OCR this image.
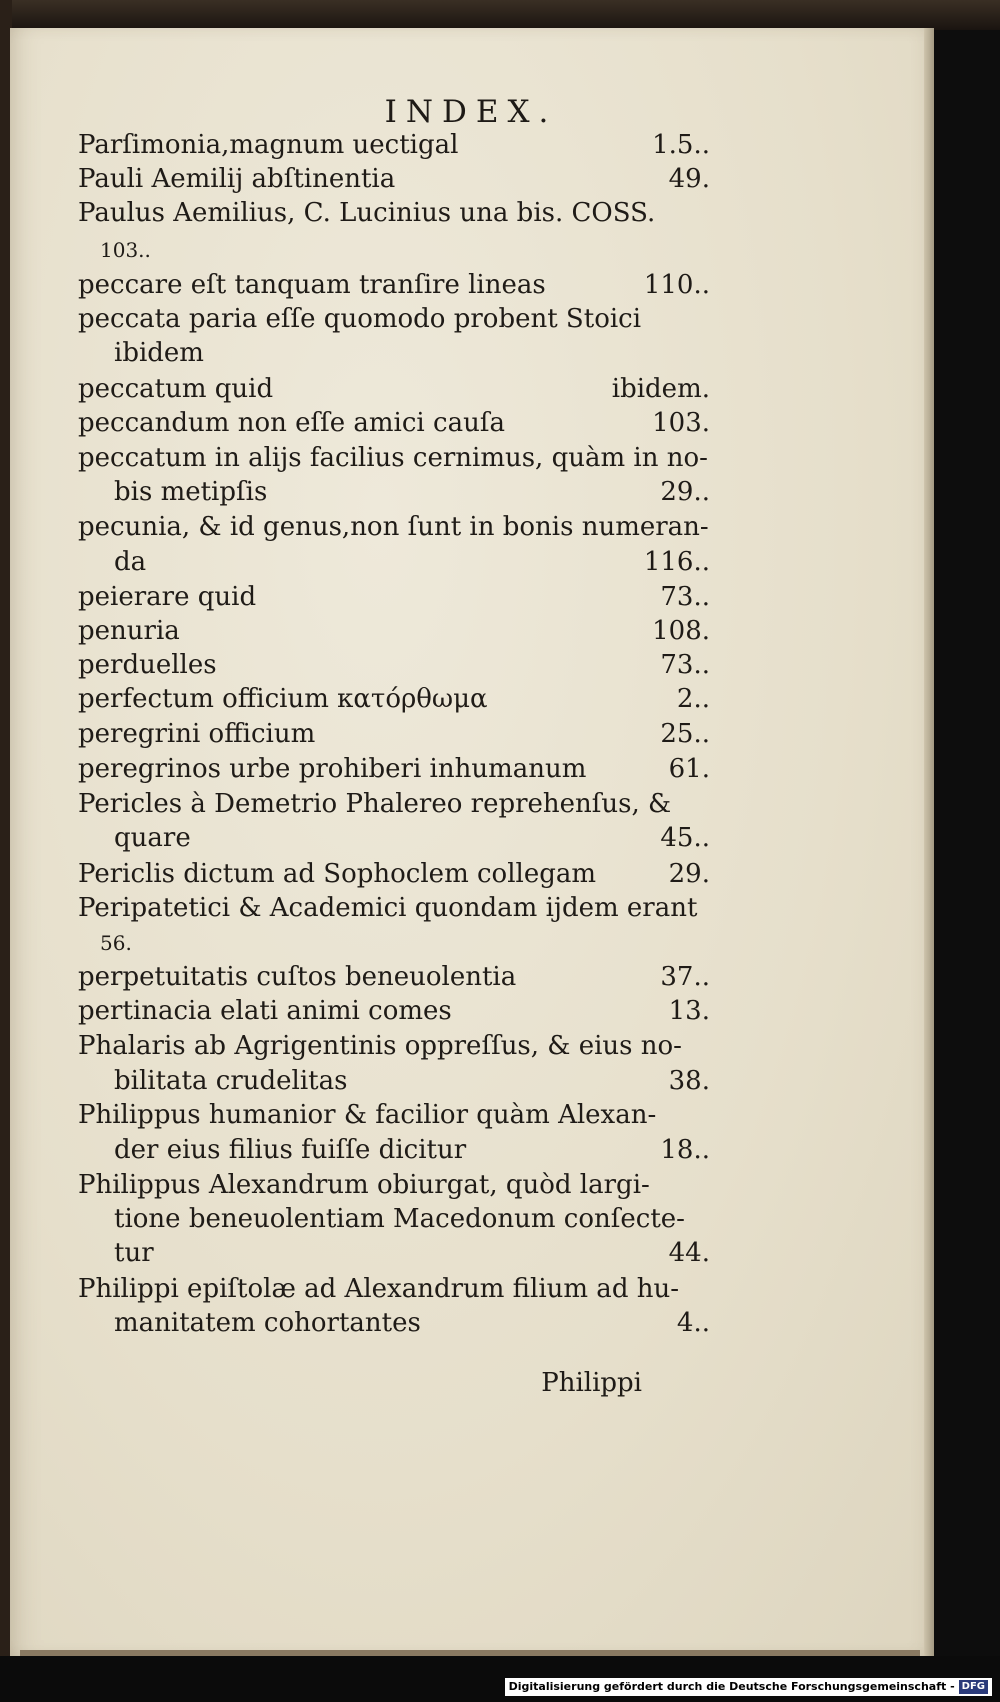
INDEX.
Parſimonia,magnum uectigal	1.5..
Pauli Aemilij abſtinentia	49.
Paulus Aemilius, C. Lucinius una bis. COSS.
103..
peccare eſt tanquam tranſire lineas	110..
peccata paria eſſe quomodo probent Stoici
ibidem
peccatum quid	ibidem.
peccandum non eſſe amici cauſa	103.
peccatum in alijs facilius cernimus, quàm in no‐
bis metipſis	29..
pecunia, & id genus,non ſunt in bonis numeran‐
da	116..
peierare quid	73..
penuria	108.
perduelles	73..
perfectum officium κατόρθωμα	2..
peregrini officium	25..
peregrinos urbe prohiberi inhumanum	61.
Pericles à Demetrio Phalereo reprehenſus, &
quare	45..
Periclis dictum ad Sophoclem collegam	29.
Peripatetici & Academici quondam ijdem erant
56.
perpetuitatis cuſtos beneuolentia	37..
pertinacia elati animi comes	13.
Phalaris ab Agrigentinis oppreſſus, & eius no‐
bilitata crudelitas	38.
Philippus humanior & facilior quàm Alexan‐
der eius filius fuiſſe dicitur	18..
Philippus Alexandrum obiurgat, quòd largi‐
tione beneuolentiam Macedonum conſecte‐
tur	44.
Philippi epiſtolæ ad Alexandrum filium ad hu‐
manitatem cohortantes	4..
Philippi
Digitalisierung gefördert durch die Deutsche Forschungsgemeinschaft - DFG
